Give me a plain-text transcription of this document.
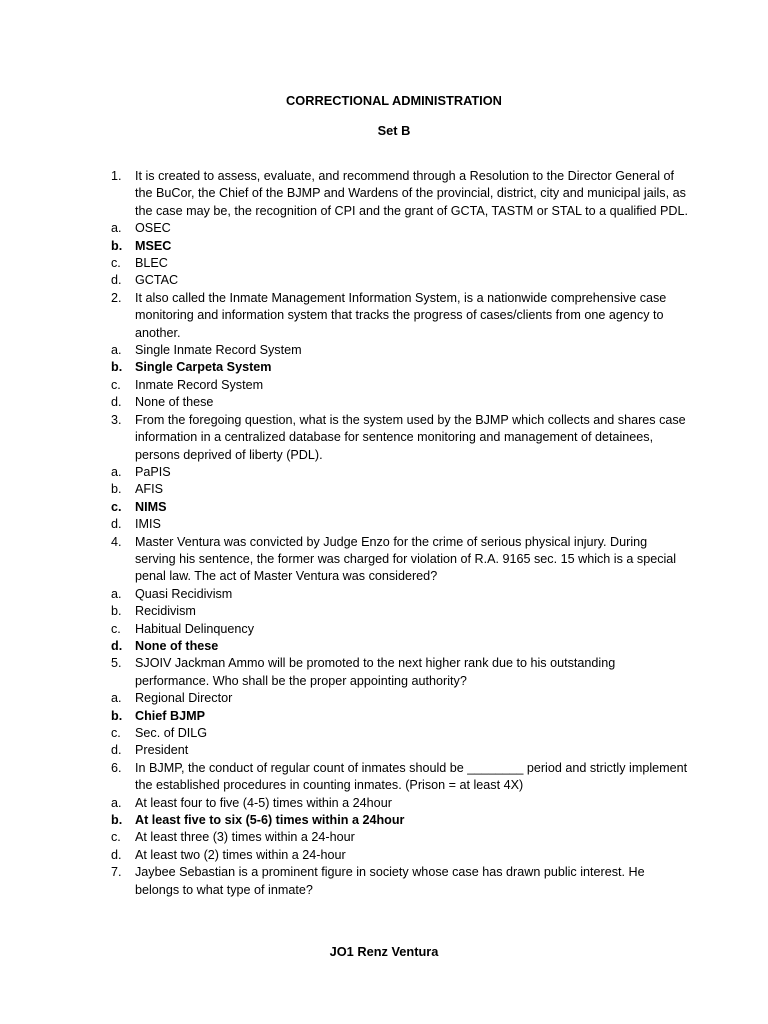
CORRECTIONAL ADMINISTRATION
Set B
1.	It is created to assess, evaluate, and recommend through a Resolution to the Director General of the BuCor, the Chief of the BJMP and Wardens of the provincial, district, city and municipal jails, as the case may be, the recognition of CPI and the grant of GCTA, TASTM or STAL to a qualified PDL.
a.	OSEC
b.	MSEC
c.	BLEC
d.	GCTAC
2.	It also called the Inmate Management Information System, is a nationwide comprehensive case monitoring and information system that tracks the progress of cases/clients from one agency to another.
a.	Single Inmate Record System
b.	Single Carpeta System
c.	Inmate Record System
d.	None of these
3.	From the foregoing question, what is the system used by the BJMP which collects and shares case information in a centralized database for sentence monitoring and management of detainees, persons deprived of liberty (PDL).
a.	PaPIS
b.	AFIS
c.	NIMS
d.	IMIS
4.	Master Ventura was convicted by Judge Enzo for the crime of serious physical injury. During serving his sentence, the former was charged for violation of R.A. 9165 sec. 15 which is a special penal law. The act of Master Ventura was considered?
a.	Quasi Recidivism
b.	Recidivism
c.	Habitual Delinquency
d.	None of these
5.	SJOIV Jackman Ammo will be promoted to the next higher rank due to his outstanding performance. Who shall be the proper appointing authority?
a.	Regional Director
b.	Chief BJMP
c.	Sec. of DILG
d.	President
6.	In BJMP, the conduct of regular count of inmates should be ________ period and strictly implement the established procedures in counting inmates. (Prison = at least 4X)
a.	At least four to five (4-5) times within a 24hour
b.	At least five to six (5-6) times within a 24hour
c.	At least three (3) times within a 24-hour
d.	At least two (2) times within a 24-hour
7.	Jaybee Sebastian is a prominent figure in society whose case has drawn public interest. He belongs to what type of inmate?
JO1 Renz Ventura
